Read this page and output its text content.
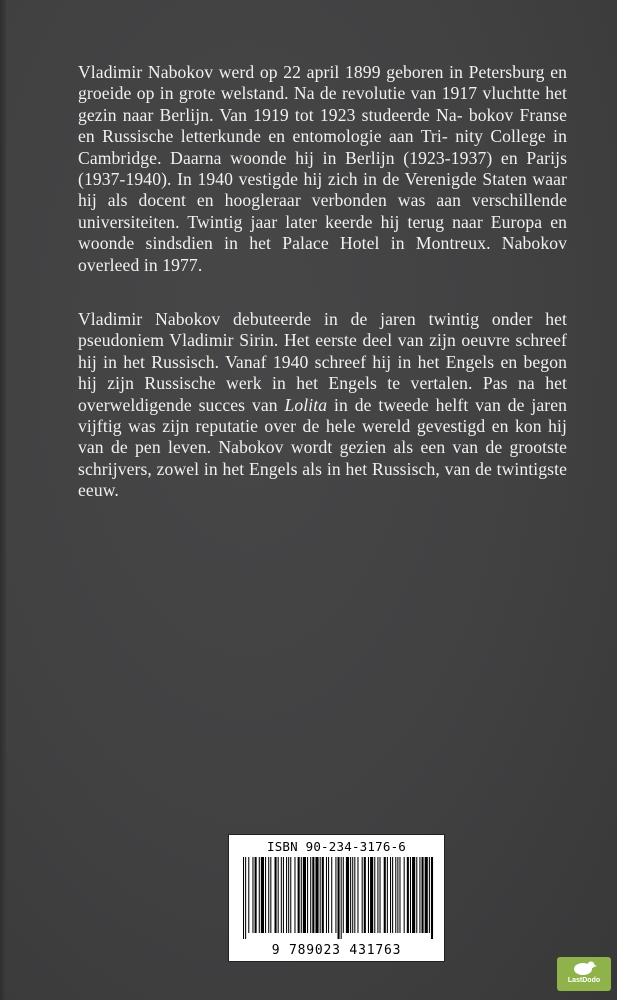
Vladimir Nabokov werd op 22 april 1899 geboren in Petersburg en groeide op in grote welstand. Na de revolutie van 1917 vluchtte het gezin naar Berlijn. Van 1919 tot 1923 studeerde Na- bokov Franse en Russische letterkunde en entomologie aan Tri- nity College in Cambridge. Daarna woonde hij in Berlijn (1923-1937) en Parijs (1937-1940). In 1940 vestigde hij zich in de Verenigde Staten waar hij als docent en hoogleraar verbonden was aan verschillende universiteiten. Twintig jaar later keerde hij terug naar Europa en woonde sindsdien in het Palace Hotel in Montreux. Nabokov overleed in 1977.

Vladimir Nabokov debuteerde in de jaren twintig onder het pseudoniem Vladimir Sirin. Het eerste deel van zijn oeuvre schreef hij in het Russisch. Vanaf 1940 schreef hij in het Engels en begon hij zijn Russische werk in het Engels te vertalen. Pas na het overweldigende succes van Lolita in de tweede helft van de jaren vijftig was zijn reputatie over de hele wereld gevestigd en kon hij van de pen leven. Nabokov wordt gezien als een van de grootste schrijvers, zowel in het Engels als in het Russisch, van de twintigste eeuw.

ISBN 90-234-3176-6
9 789023 431763
LastDodo
